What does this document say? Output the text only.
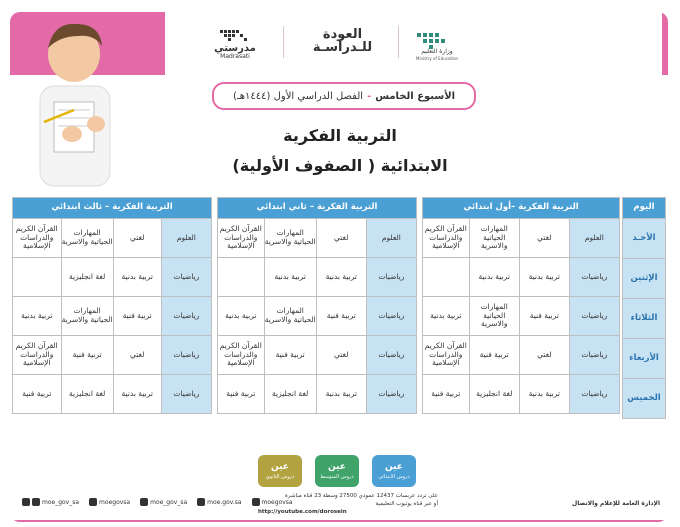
مدرستي
Madrasati
العودة
للـدراسـة	وزارة التعليم
Ministry of Education
الأسبوع الخامس
-
الفصل الدراسي الأول (١٤٤٤هـ)
التربية الفكرية
الابتدائية ( الصفوف الأولية)
اليوم
الأحـد
الإثنين
الثلاثاء
الأربعاء
الخميس
التربية الفكرية –أول ابتدائي			
القرآن الكريم والدراسات الإسلامية	المهارات الحياتية والاسرية	لغتي	العلوم
	تربية بدنية	تربية بدنية	رياضيات
تربية بدنية	المهارات الحياتية والاسرية	تربية فنية	رياضيات
القرآن الكريم والدراسات الإسلامية	تربية فنية	لغتي	رياضيات
تربية فنية	لغة انجليزية	تربية بدنية	رياضيات
التربية الفكرية – ثاني ابتدائي			
القرآن الكريم والدراسات الإسلامية	المهارات الحياتية والاسرية	لغتي	العلوم
	تربية بدنية	تربية بدنية	رياضيات
تربية بدنية	المهارات الحياتية والاسرية	تربية فنية	رياضيات
القرآن الكريم والدراسات الإسلامية	تربية فنية	لغتي	رياضيات
تربية فنية	لغة انجليزية	تربية بدنية	رياضيات
التربية الفكرية – ثالث ابتدائي			
القرآن الكريم والدراسات الإسلامية	المهارات الحياتية والاسرية	لغتي	العلوم
	لغة انجليزية	تربية بدنية	رياضيات
تربية بدنية	المهارات الحياتية والاسرية	تربية فنية	رياضيات
القرآن الكريم والدراسات الإسلامية	تربية فنية	لغتي	رياضيات
تربية فنية	لغة انجليزية	تربية بدنية	رياضيات
عين
دروس الابتدائي
عين
دروس المتوسط
عين
دروس الثانوي
على تردد عربسات 12437 عمودي 27500 وسطة 23 قناة مباشرة
أو عبر قناة يوتيوب التعليمية
http://youtube.com/dorosein
الإدارة العامة للإعلام والاتصال
moe_gov_sa	moegovsa	moe_gov_sa	moe.gov.sa	moegovsa
